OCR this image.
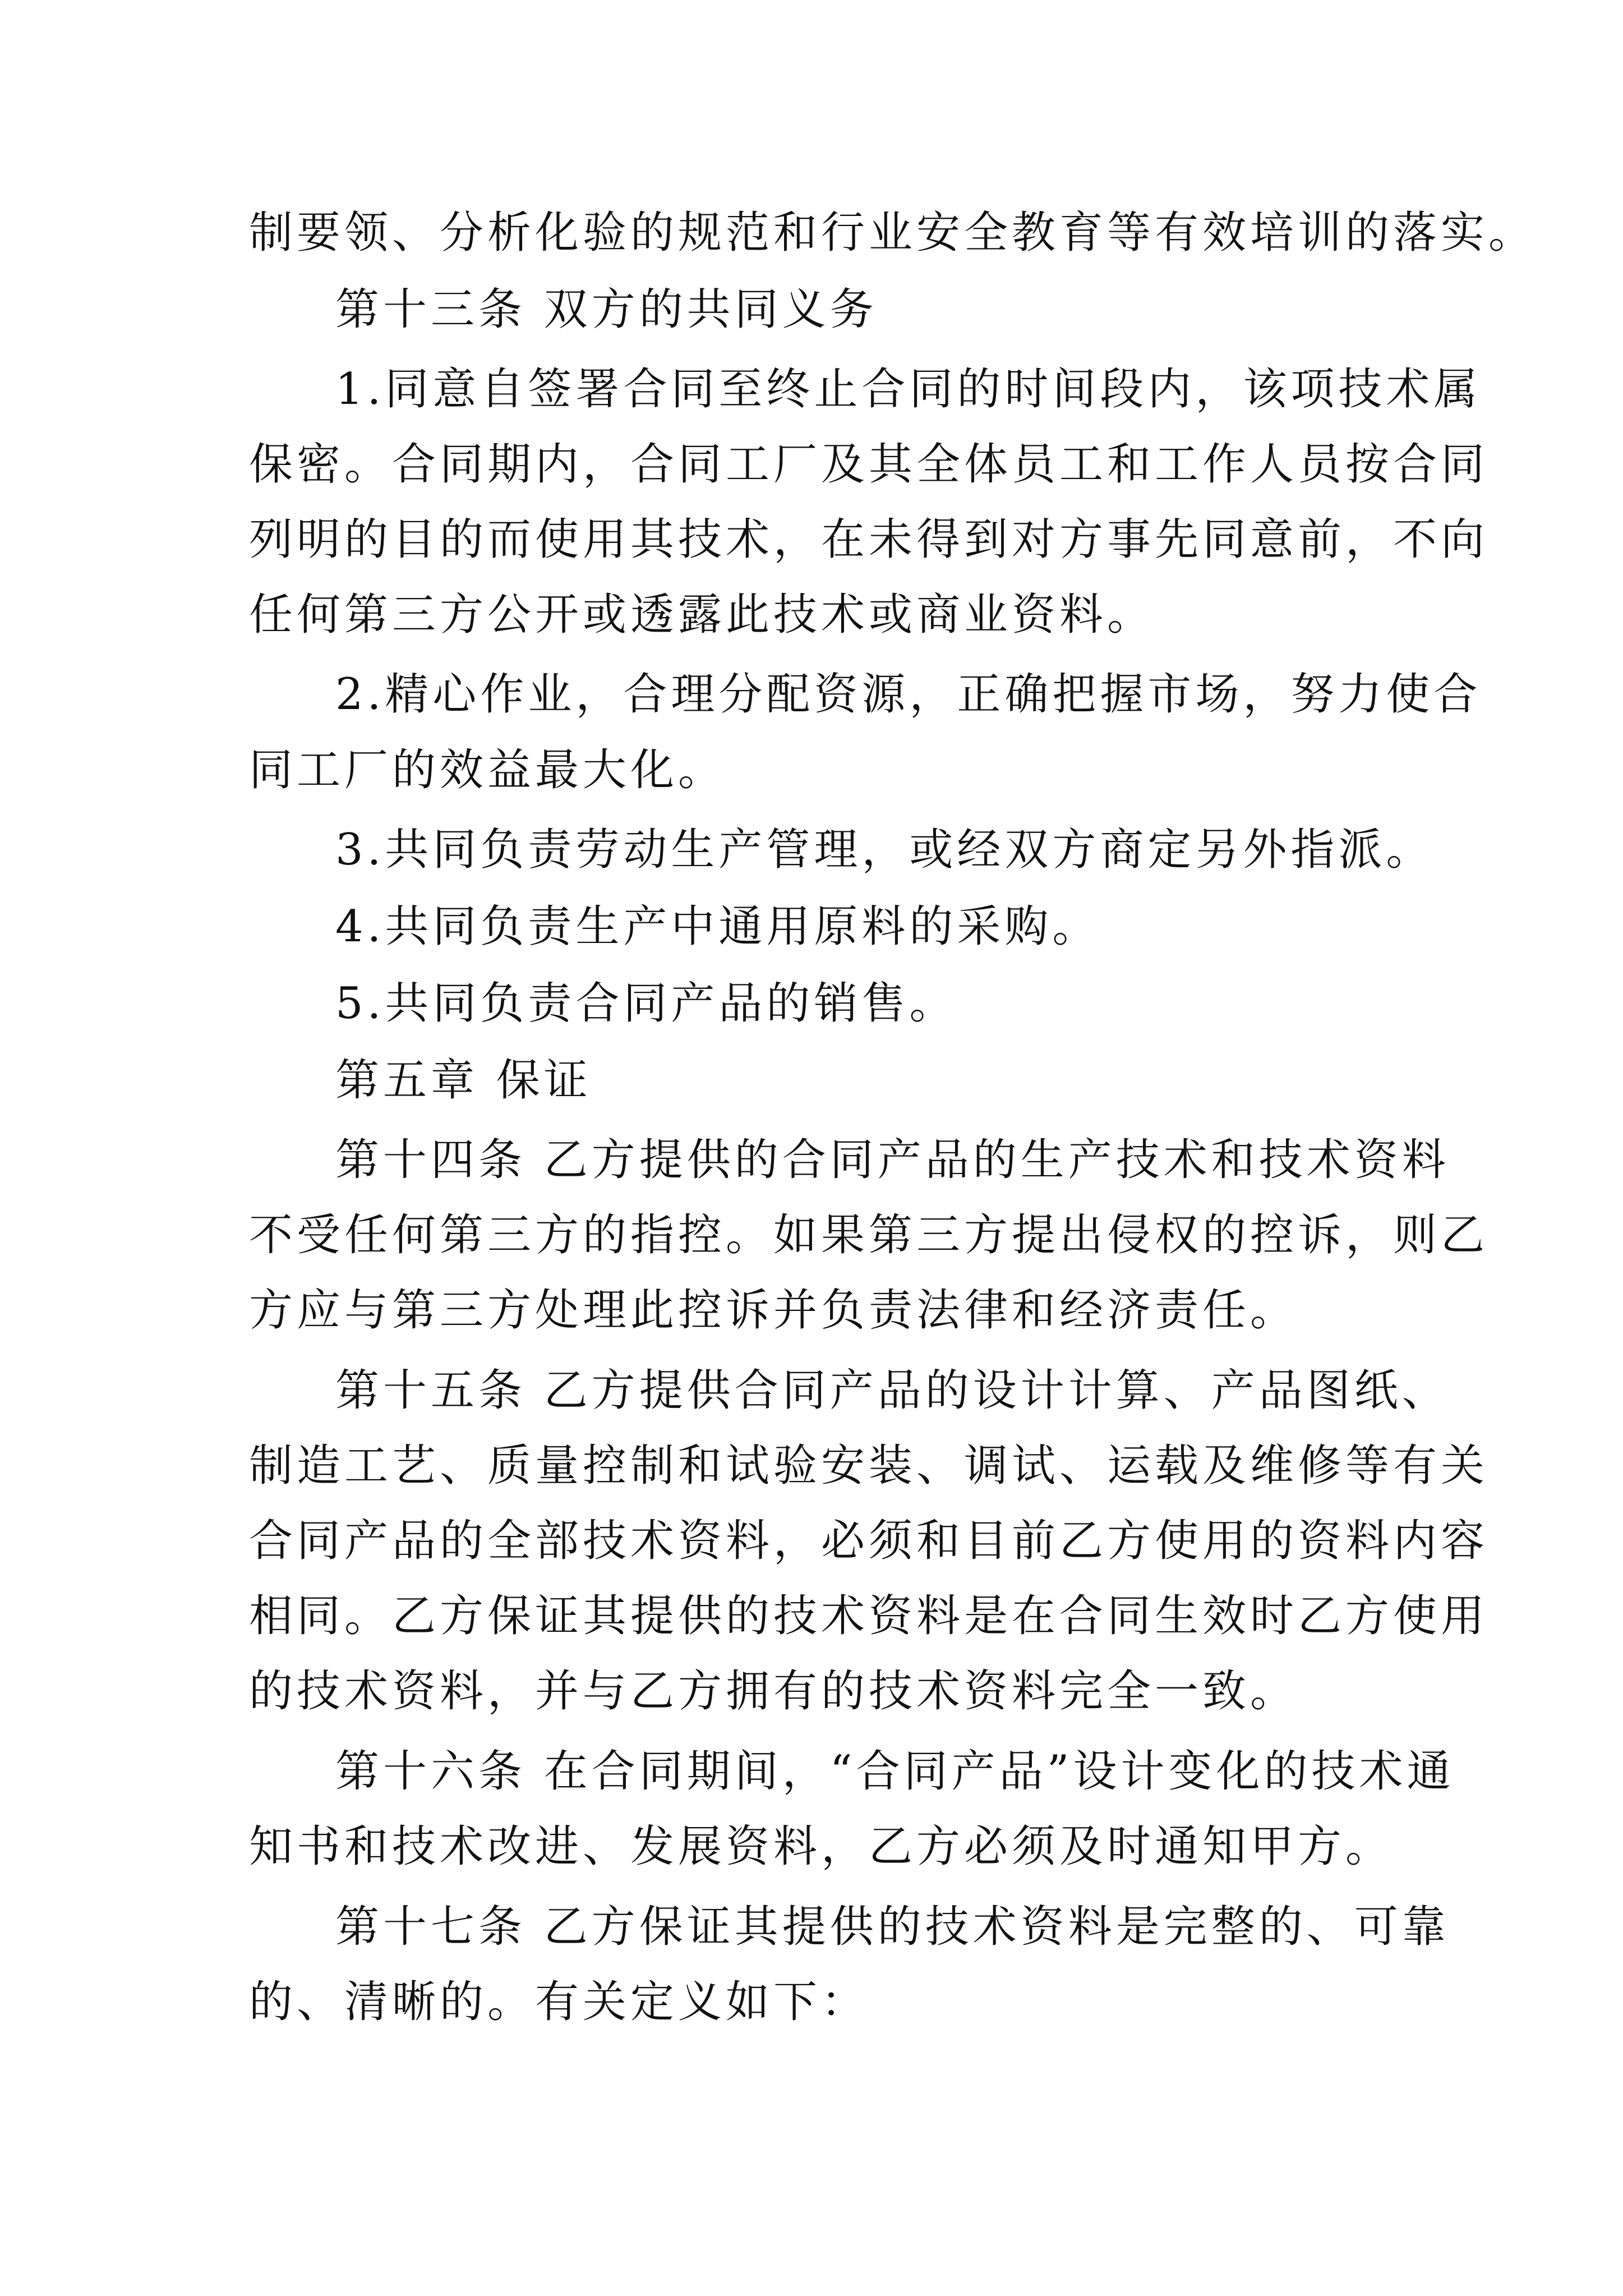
制要领、分析化验的规范和行业安全教育等有效培训的落实。
第十三条 双方的共同义务
1.同意自签署合同至终止合同的时间段内，该项技术属
保密。合同期内，合同工厂及其全体员工和工作人员按合同
列明的目的而使用其技术，在未得到对方事先同意前，不向
任何第三方公开或透露此技术或商业资料。
2.精心作业，合理分配资源，正确把握市场，努力使合
同工厂的效益最大化。
3.共同负责劳动生产管理，或经双方商定另外指派。
4.共同负责生产中通用原料的采购。
5.共同负责合同产品的销售。
第五章 保证
第十四条 乙方提供的合同产品的生产技术和技术资料
不受任何第三方的指控。如果第三方提出侵权的控诉，则乙
方应与第三方处理此控诉并负责法律和经济责任。
第十五条 乙方提供合同产品的设计计算、产品图纸、
制造工艺、质量控制和试验安装、调试、运载及维修等有关
合同产品的全部技术资料，必须和目前乙方使用的资料内容
相同。乙方保证其提供的技术资料是在合同生效时乙方使用
的技术资料，并与乙方拥有的技术资料完全一致。
第十六条 在合同期间，“合同产品”设计变化的技术通
知书和技术改进、发展资料，乙方必须及时通知甲方。
第十七条 乙方保证其提供的技术资料是完整的、可靠
的、清晰的。有关定义如下：
